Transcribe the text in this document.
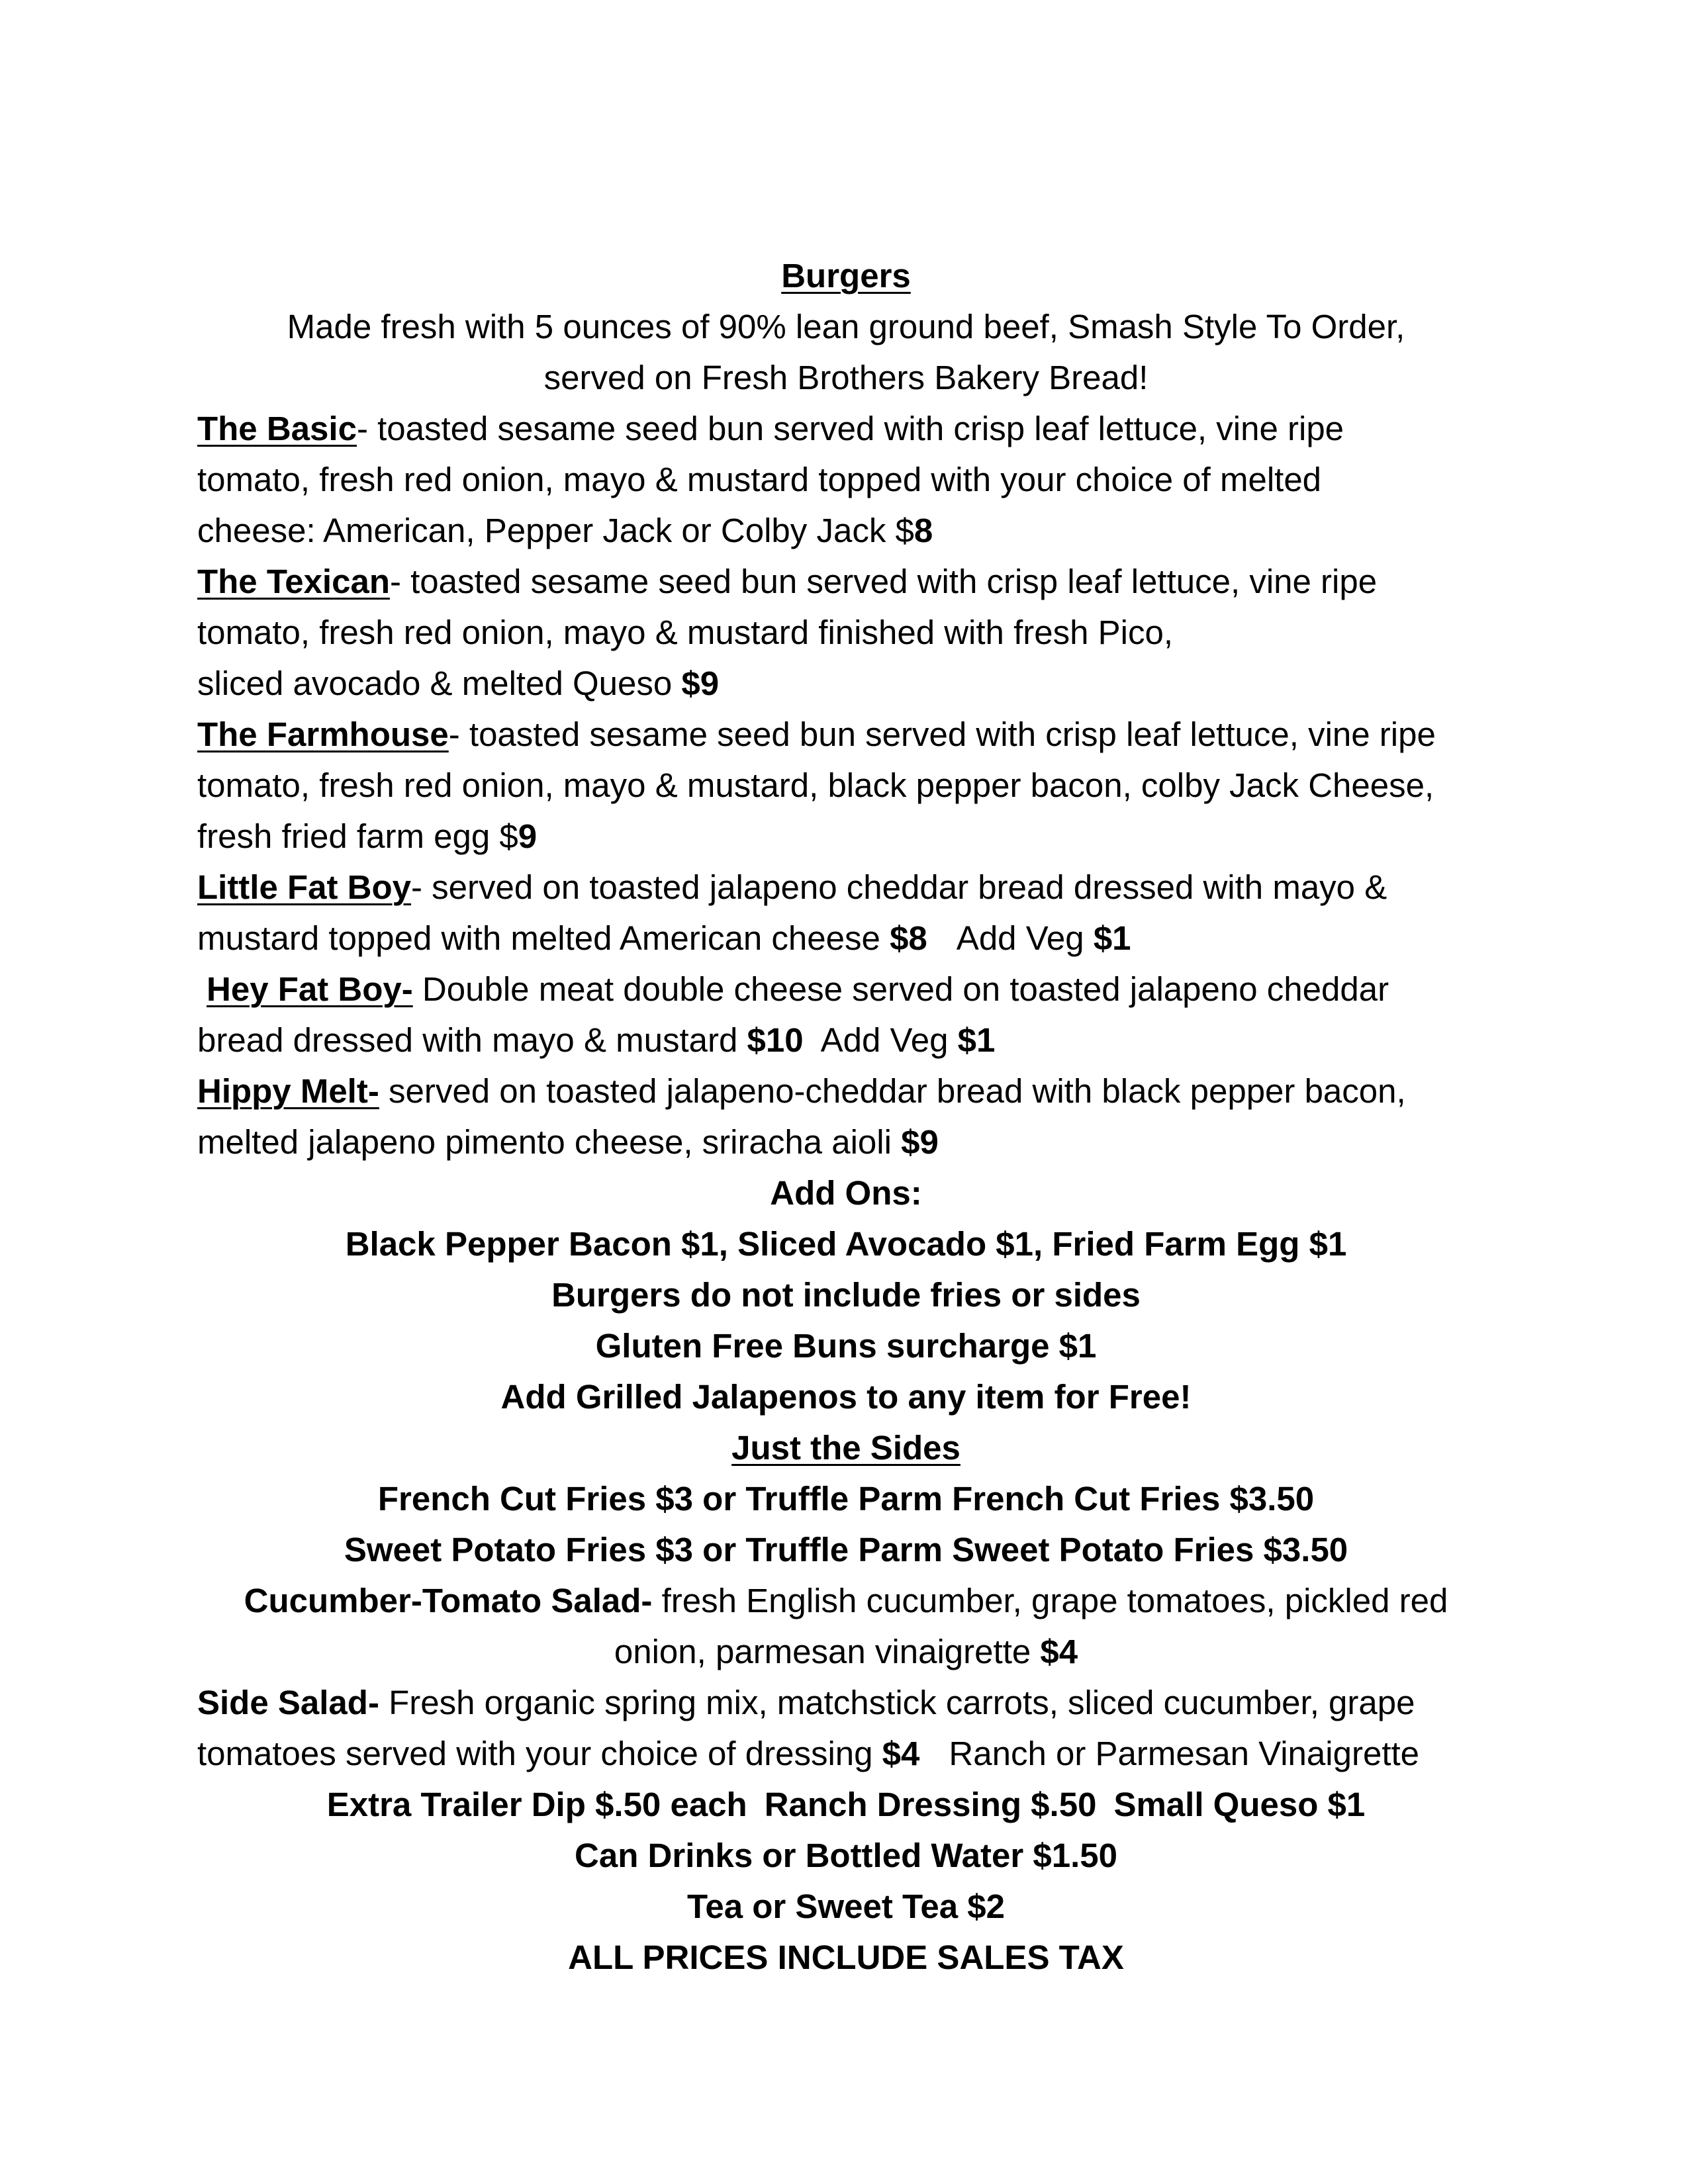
Burgers
Made fresh with 5 ounces of 90% lean ground beef, Smash Style To Order,
served on Fresh Brothers Bakery Bread!
The Basic- toasted sesame seed bun served with crisp leaf lettuce, vine ripe
tomato, fresh red onion, mayo & mustard topped with your choice of melted
cheese: American, Pepper Jack or Colby Jack $8
The Texican- toasted sesame seed bun served with crisp leaf lettuce, vine ripe
tomato, fresh red onion, mayo & mustard finished with fresh Pico,
sliced avocado & melted Queso $9
The Farmhouse- toasted sesame seed bun served with crisp leaf lettuce, vine ripe
tomato, fresh red onion, mayo & mustard, black pepper bacon, colby Jack Cheese,
fresh fried farm egg $9
Little Fat Boy- served on toasted jalapeno cheddar bread dressed with mayo &
mustard topped with melted American cheese $8 Add Veg $1
Hey Fat Boy- Double meat double cheese served on toasted jalapeno cheddar
bread dressed with mayo & mustard $10 Add Veg $1
Hippy Melt- served on toasted jalapeno-cheddar bread with black pepper bacon,
melted jalapeno pimento cheese, sriracha aioli $9
Add Ons:
Black Pepper Bacon $1, Sliced Avocado $1, Fried Farm Egg $1
Burgers do not include fries or sides
Gluten Free Buns surcharge $1
Add Grilled Jalapenos to any item for Free!
Just the Sides
French Cut Fries $3 or Truffle Parm French Cut Fries $3.50
Sweet Potato Fries $3 or Truffle Parm Sweet Potato Fries $3.50
Cucumber-Tomato Salad- fresh English cucumber, grape tomatoes, pickled red
onion, parmesan vinaigrette $4
Side Salad- Fresh organic spring mix, matchstick carrots, sliced cucumber, grape
tomatoes served with your choice of dressing $4 Ranch or Parmesan Vinaigrette
Extra Trailer Dip $.50 each Ranch Dressing $.50 Small Queso $1
Can Drinks or Bottled Water $1.50
Tea or Sweet Tea $2
ALL PRICES INCLUDE SALES TAX
